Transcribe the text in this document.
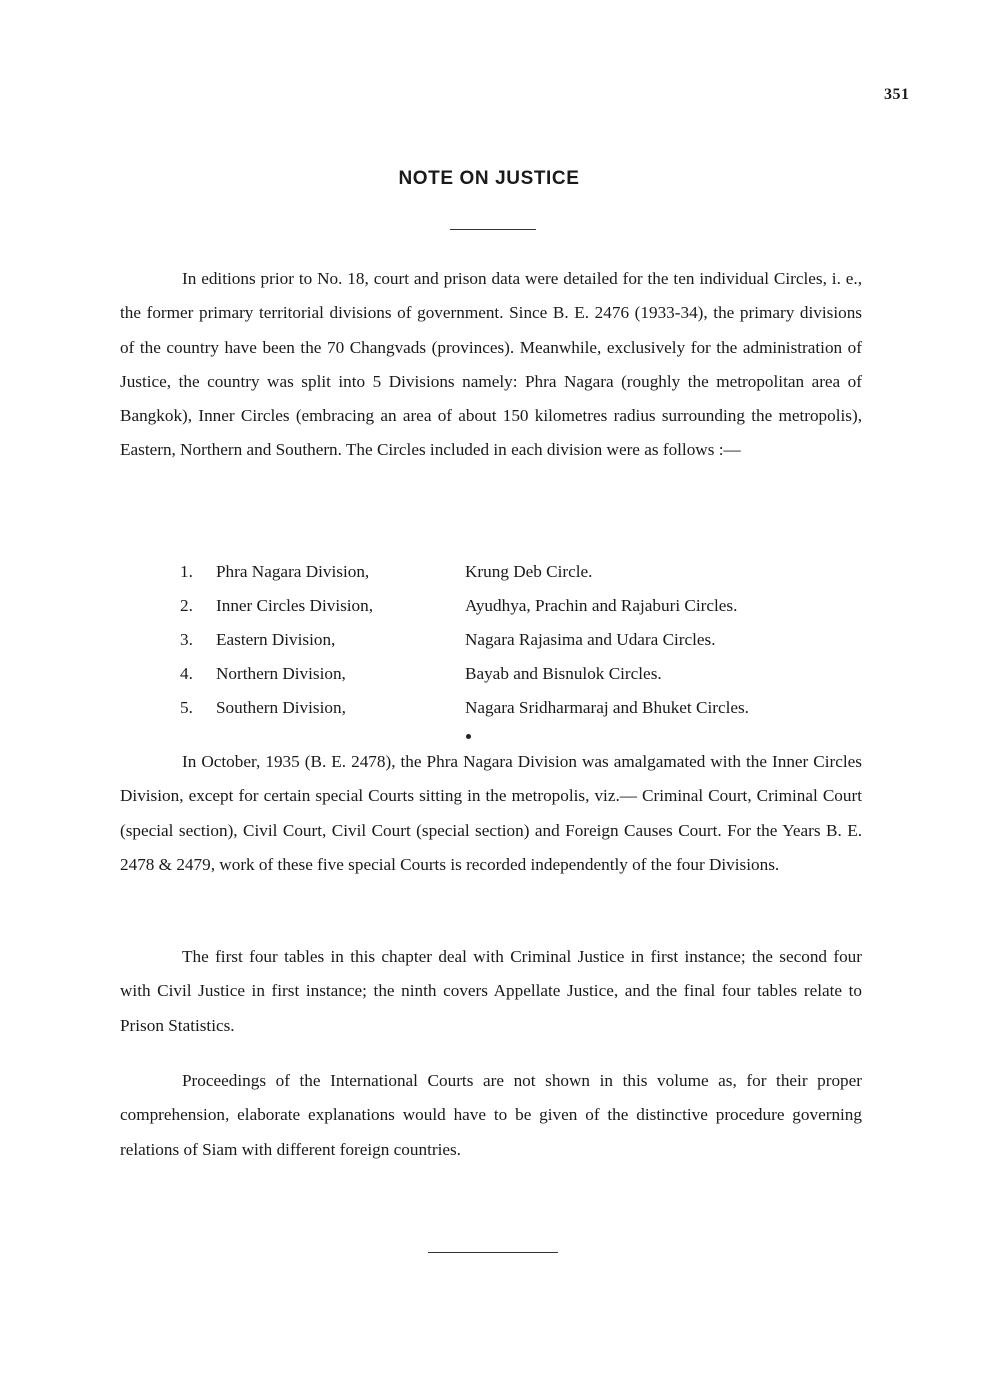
351
NOTE ON JUSTICE

In editions prior to No. 18, court and prison data were detailed for the ten individual Circles, i. e., the former primary territorial divisions of government. Since B. E. 2476 (1933-34), the primary divisions of the country have been the 70 Changvads (provinces). Meanwhile, exclusively for the administration of Justice, the country was split into 5 Divisions namely: Phra Nagara (roughly the metropolitan area of Bangkok), Inner Circles (embracing an area of about 150 kilometres radius surrounding the metropolis), Eastern, Northern and Southern. The Circles included in each division were as follows :—

1.	Phra Nagara Division,	Krung Deb Circle.
2.	Inner Circles Division,	Ayudhya, Prachin and Rajaburi Circles.
3.	Eastern Division,	Nagara Rajasima and Udara Circles.
4.	Northern Division,	Bayab and Bisnulok Circles.
5.	Southern Division,	Nagara Sridharmaraj and Bhuket Circles.

In October, 1935 (B. E. 2478), the Phra Nagara Division was amalgamated with the Inner Circles Division, except for certain special Courts sitting in the metropolis, viz.— Criminal Court, Criminal Court (special section), Civil Court, Civil Court (special section) and Foreign Causes Court. For the Years B. E. 2478 & 2479, work of these five special Courts is recorded independently of the four Divisions.

The first four tables in this chapter deal with Criminal Justice in first instance; the second four with Civil Justice in first instance; the ninth covers Appellate Justice, and the final four tables relate to Prison Statistics.

Proceedings of the International Courts are not shown in this volume as, for their proper comprehension, elaborate explanations would have to be given of the distinctive procedure governing relations of Siam with different foreign countries.
